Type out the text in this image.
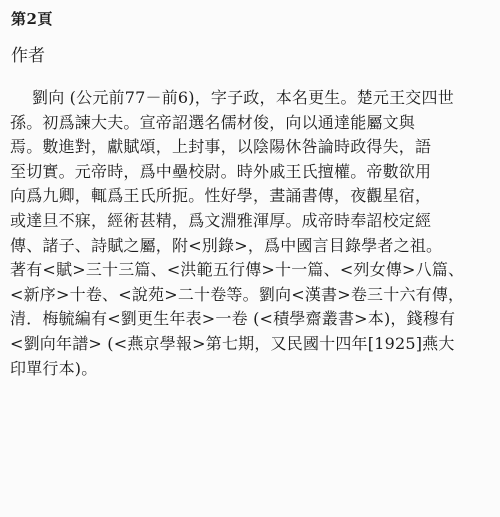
第2頁
作者
劉向 (公元前77－前6)，字子政，本名更生。楚元王交四世
孫。初爲諫大夫。宣帝詔選名儒材俊，向以通達能屬文與
焉。數進對，獻賦頌，上封事，以陰陽休咎論時政得失，語
至切實。元帝時，爲中壘校尉。時外戚王氏擅權。帝數欲用
向爲九卿，輒爲王氏所扼。性好學，晝誦書傳，夜觀星宿，
或達旦不寐，經術甚精，爲文淵雅渾厚。成帝時奉詔校定經
傳、諸子、詩賦之屬，附<別錄>，爲中國言目錄學者之祖。
著有<賦>三十三篇、<洪範五行傳>十一篇、<列女傳>八篇、
<新序>十卷、<說苑>二十卷等。劉向<漢書>卷三十六有傳，
清．梅毓編有<劉更生年表>一卷 (<積學齋叢書>本)，錢穆有
<劉向年譜> (<燕京學報>第七期，又民國十四年[1925]燕大
印單行本)。
